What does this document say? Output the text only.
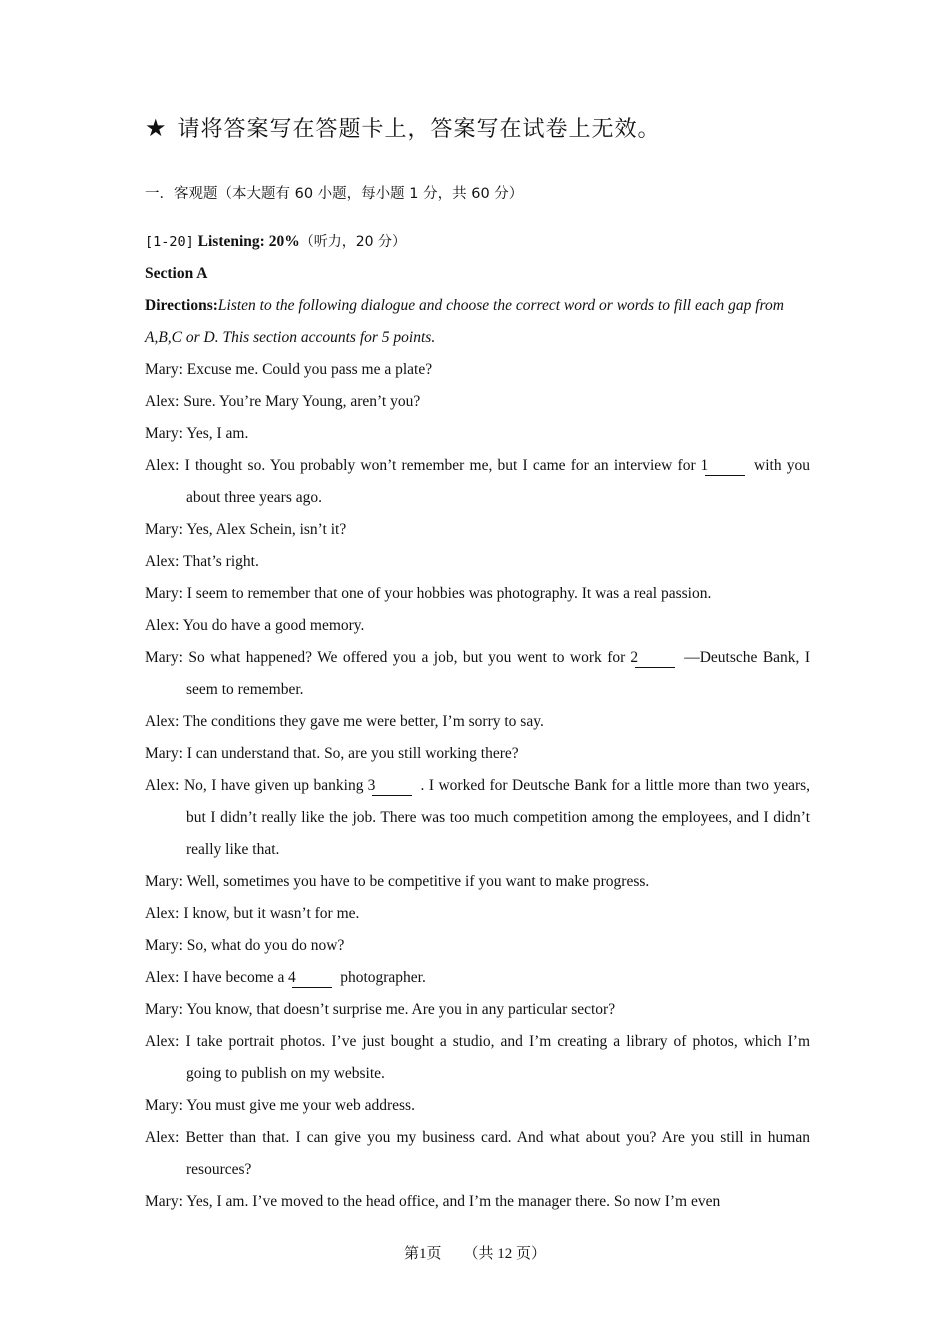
★ 请将答案写在答题卡上，答案写在试卷上无效。
一．客观题（本大题有 60 小题，每小题 1 分，共 60 分）
[1-20] Listening: 20%（听力，20 分）
Section A
Directions:Listen to the following dialogue and choose the correct word or words to fill each gap from A,B,C or D. This section accounts for 5 points.
Mary: Excuse me. Could you pass me a plate?
Alex: Sure. You’re Mary Young, aren’t you?
Mary: Yes, I am.
Alex: I thought so. You probably won’t remember me, but I came for an interview for 1	with you about three years ago.
Mary: Yes, Alex Schein, isn’t it?
Alex: That’s right.
Mary: I seem to remember that one of your hobbies was photography. It was a real passion.
Alex: You do have a good memory.
Mary: So what happened? We offered you a job, but you went to work for 2	—Deutsche Bank, I seem to remember.
Alex: The conditions they gave me were better, I’m sorry to say.
Mary: I can understand that. So, are you still working there?
Alex: No, I have given up banking 3	. I worked for Deutsche Bank for a little more than two years, but I didn’t really like the job. There was too much competition among the employees, and I didn’t really like that.
Mary: Well, sometimes you have to be competitive if you want to make progress.
Alex: I know, but it wasn’t for me.
Mary: So, what do you do now?
Alex: I have become a 4	photographer.
Mary: You know, that doesn’t surprise me. Are you in any particular sector?
Alex: I take portrait photos. I’ve just bought a studio, and I’m creating a library of photos, which I’m going to publish on my website.
Mary: You must give me your web address.
Alex: Better than that. I can give you my business card. And what about you? Are you still in human resources?
Mary: Yes, I am. I’ve moved to the head office, and I’m the manager there. So now I’m even
第1页 （共 12 页）
